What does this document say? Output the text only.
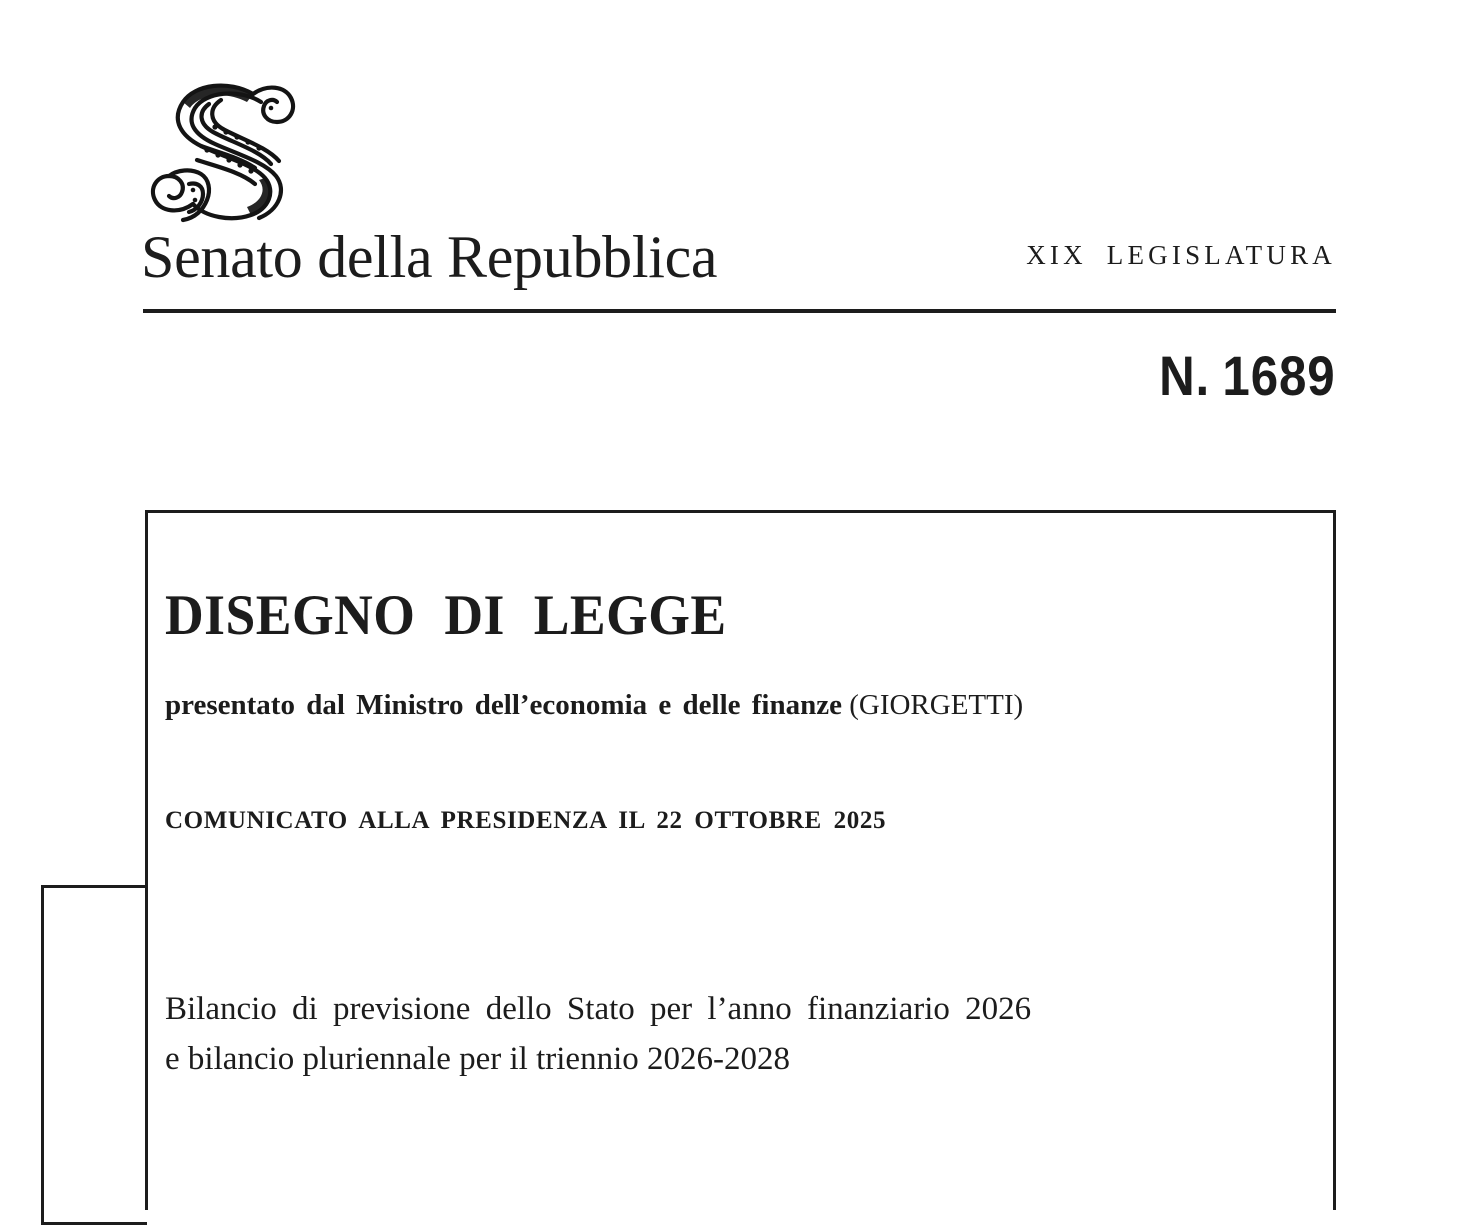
Senato della Repubblica	XIX LEGISLATURA
N. 1689
DISEGNO DI LEGGE
presentato dal Ministro dell’economia e delle finanze (GIORGETTI)
COMUNICATO ALLA PRESIDENZA IL 22 OTTOBRE 2025
Bilancio di previsione dello Stato per l’anno finanziario 2026
e bilancio pluriennale per il triennio 2026-2028
